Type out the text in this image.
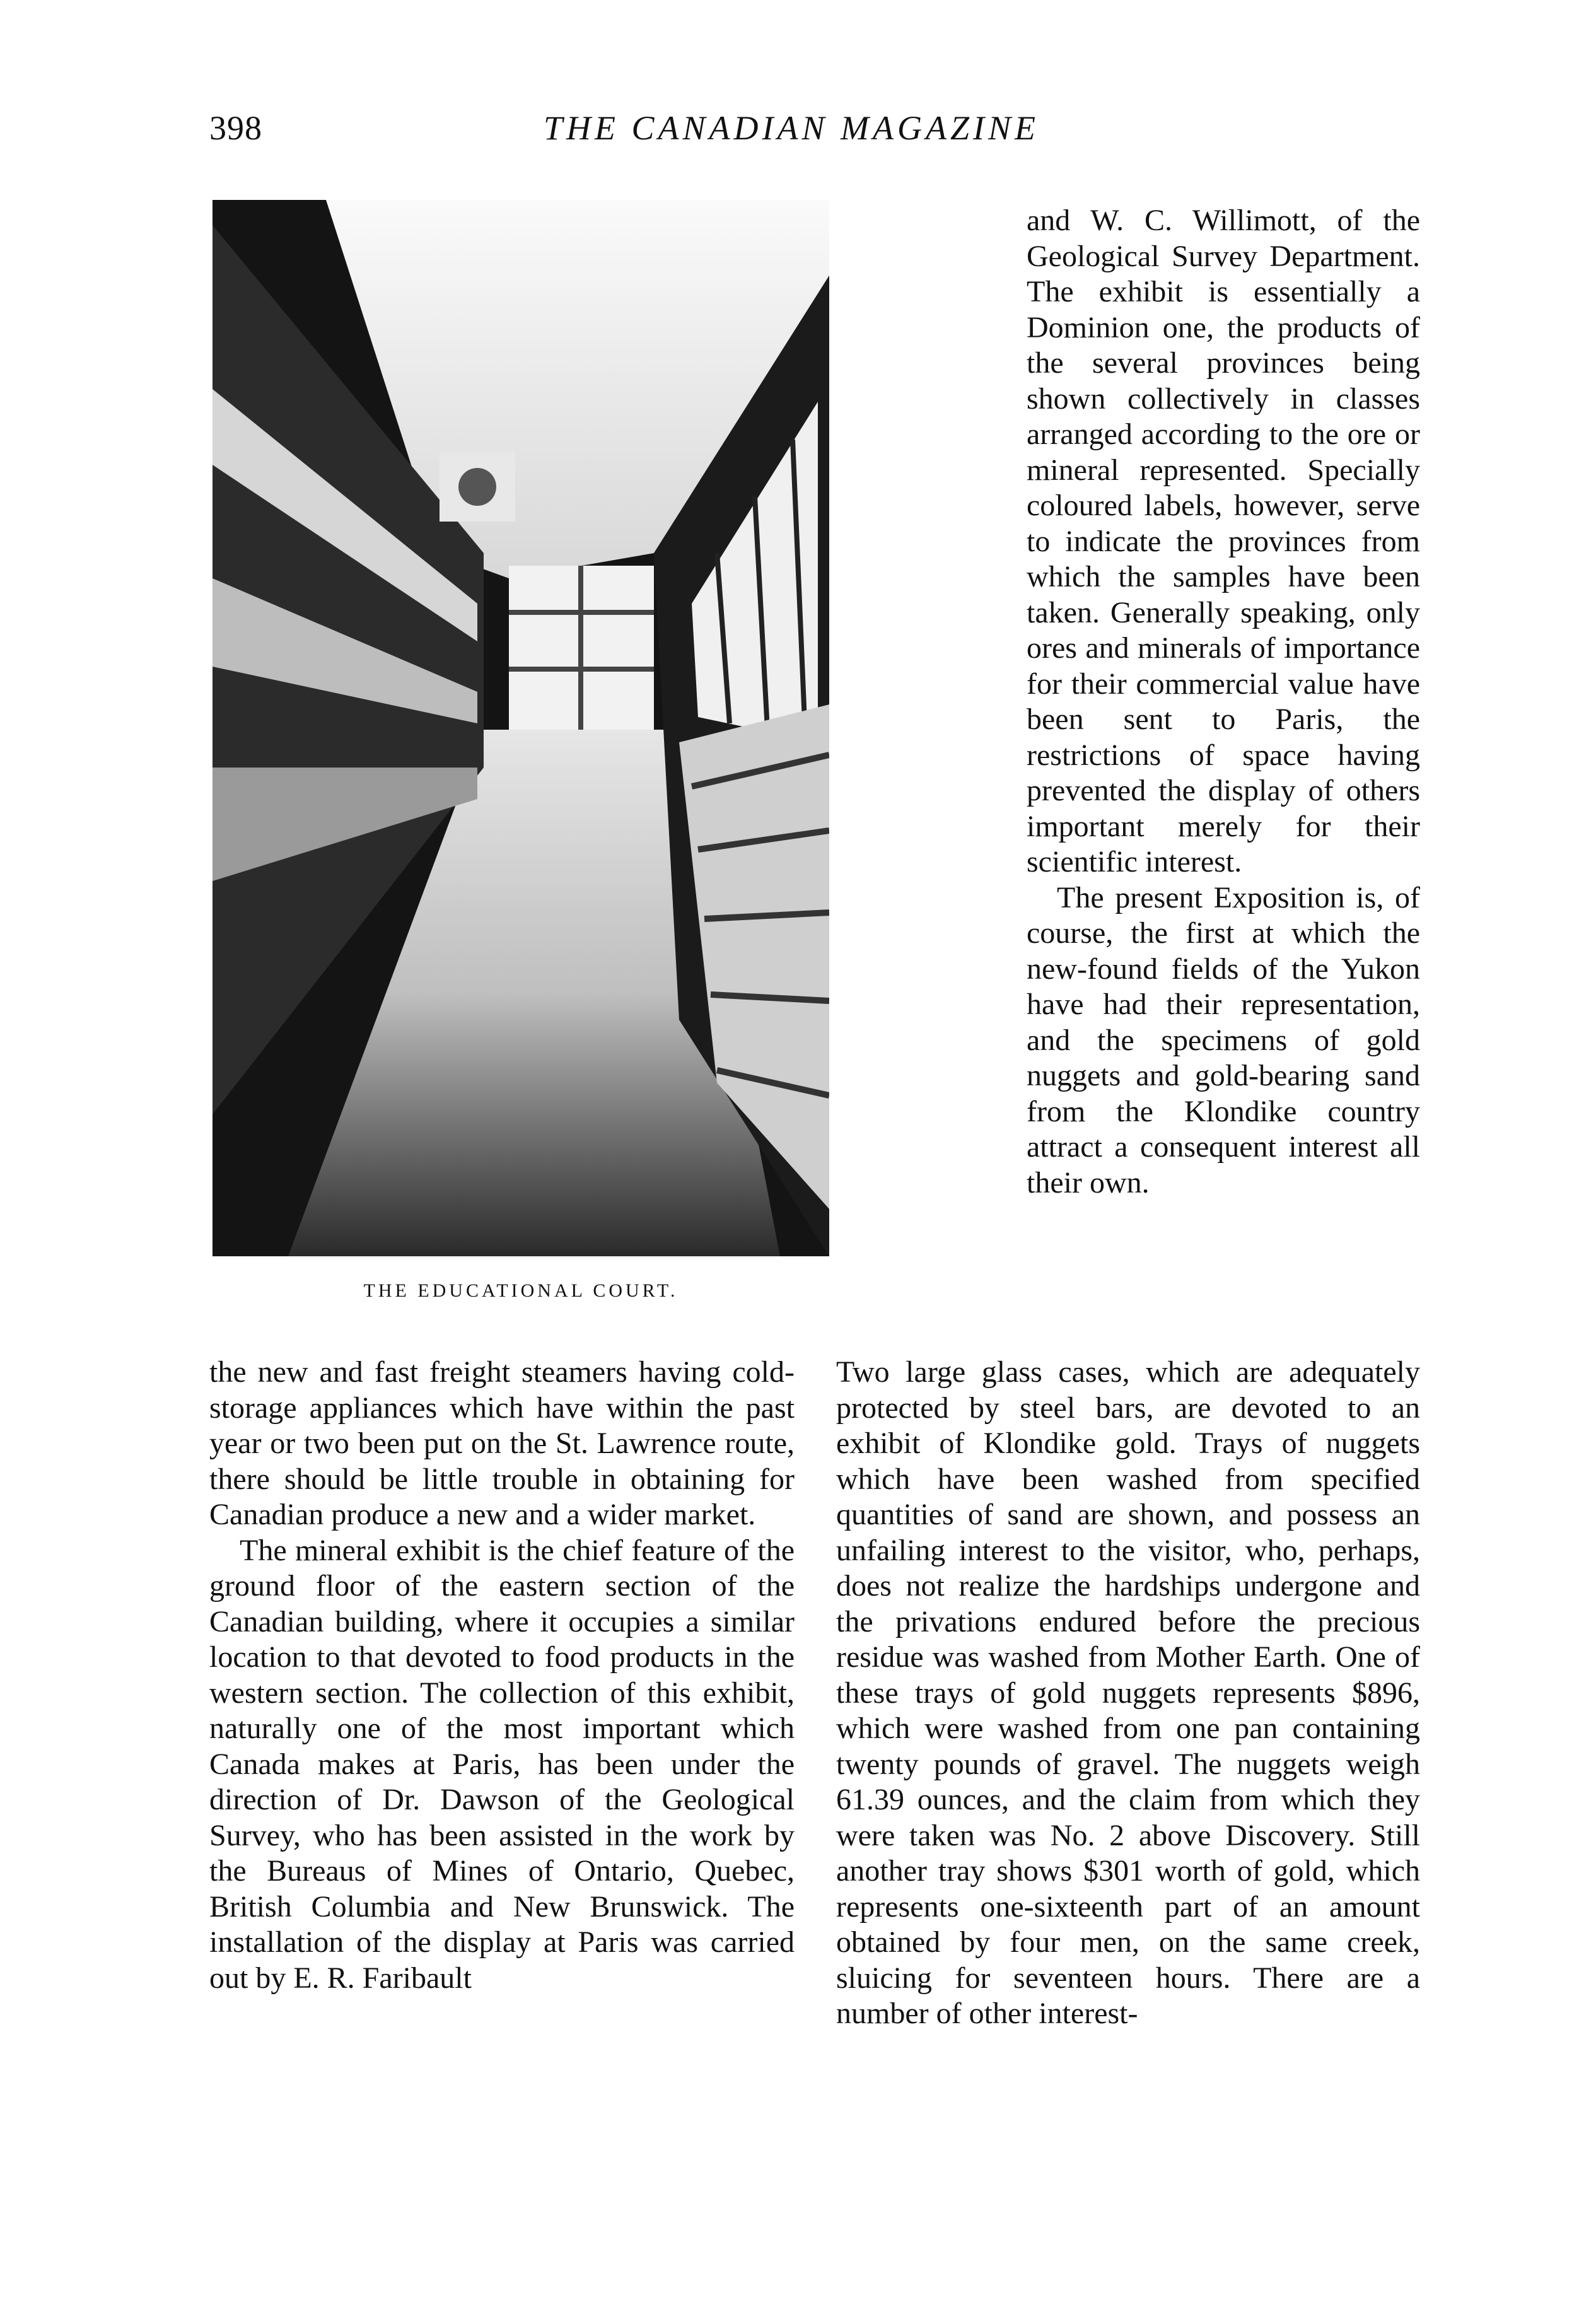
398	THE CANADIAN MAGAZINE
THE EDUCATIONAL COURT.

and W. C. Willimott, of the Geological Survey Department. The exhibit is essentially a Dominion one, the products of the several provinces being shown collectively in classes arranged according to the ore or mineral represented. Specially coloured labels, however, serve to indicate the provinces from which the samples have been taken. Generally speaking, only ores and minerals of importance for their commercial value have been sent to Paris, the restrictions of space having prevented the display of others important merely for their scientific interest.

The present Exposition is, of course, the first at which the new-found fields of the Yukon have had their representation, and the specimens of gold nuggets and gold-bearing sand from the Klondike country attract a consequent interest all their own.

the new and fast freight steamers having cold-storage appliances which have within the past year or two been put on the St. Lawrence route, there should be little trouble in obtaining for Canadian produce a new and a wider market.

The mineral exhibit is the chief feature of the ground floor of the eastern section of the Canadian building, where it occupies a similar location to that devoted to food products in the western section. The collection of this exhibit, naturally one of the most important which Canada makes at Paris, has been under the direction of Dr. Dawson of the Geological Survey, who has been assisted in the work by the Bureaus of Mines of Ontario, Quebec, British Columbia and New Brunswick. The installation of the display at Paris was carried out by E. R. Faribault

Two large glass cases, which are adequately protected by steel bars, are devoted to an exhibit of Klondike gold. Trays of nuggets which have been washed from specified quantities of sand are shown, and possess an unfailing interest to the visitor, who, perhaps, does not realize the hardships undergone and the privations endured before the precious residue was washed from Mother Earth. One of these trays of gold nuggets represents $896, which were washed from one pan containing twenty pounds of gravel. The nuggets weigh 61.39 ounces, and the claim from which they were taken was No. 2 above Discovery. Still another tray shows $301 worth of gold, which represents one-sixteenth part of an amount obtained by four men, on the same creek, sluicing for seventeen hours. There are a number of other interest-
